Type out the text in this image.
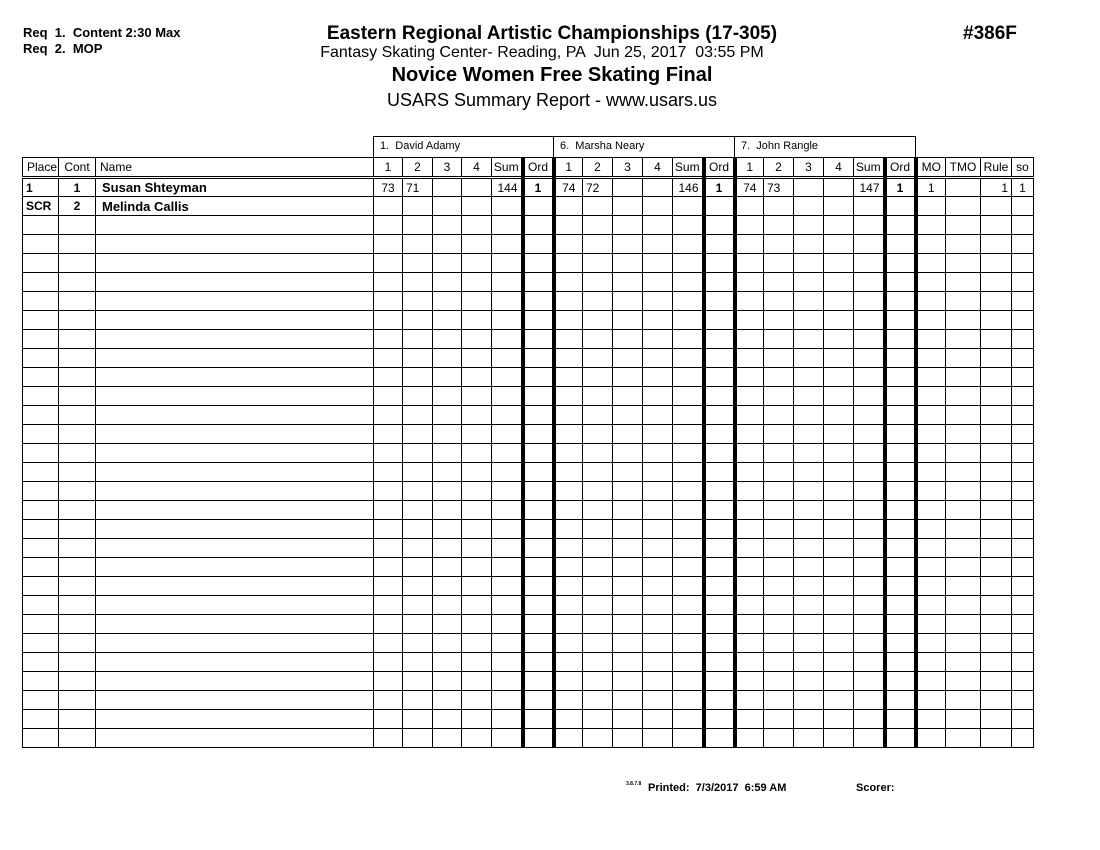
Req  1.  Content 2:30 Max
Req  2.  MOP
Eastern Regional Artistic Championships (17-305)
Fantasy Skating Center- Reading, PA  Jun 25, 2017  03:55 PM
Novice Women Free Skating Final
USARS Summary Report - www.usars.us
#386F
1.  David Adamy	6.  Marsha Neary	7.  John Rangle
Place	Cont	Name	1	2	3	4	Sum	Ord	1	2	3	4	Sum	Ord	1	2	3	4	Sum	Ord	MO	TMO	Rule	so
1	1	Susan Shteyman	73	71			144	1	74	72			146	1	74	73			147	1	1		1	1
SCR	2	Melinda Callis																						

3.8.7.8 Printed:  7/3/2017  6:59 AM	Scorer:
